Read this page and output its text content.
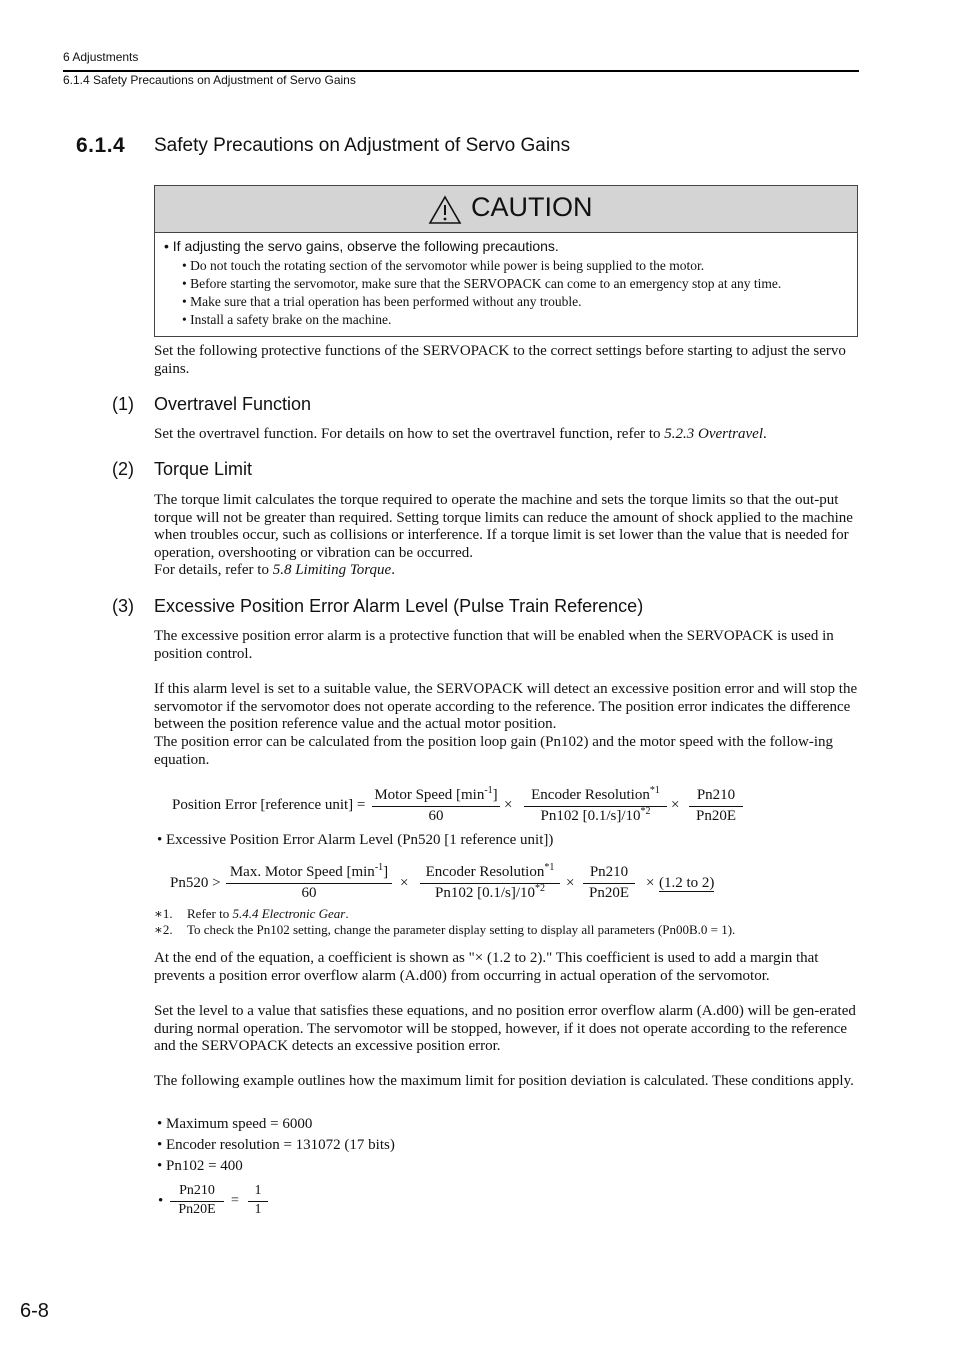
6 Adjustments
6.1.4 Safety Precautions on Adjustment of Servo Gains
6.1.4 Safety Precautions on Adjustment of Servo Gains
CAUTION
• If adjusting the servo gains, observe the following precautions.
• Do not touch the rotating section of the servomotor while power is being supplied to the motor.
• Before starting the servomotor, make sure that the SERVOPACK can come to an emergency stop at any time.
• Make sure that a trial operation has been performed without any trouble.
• Install a safety brake on the machine.
Set the following protective functions of the SERVOPACK to the correct settings before starting to adjust the servo gains.
(1) Overtravel Function
Set the overtravel function. For details on how to set the overtravel function, refer to 5.2.3 Overtravel.
(2) Torque Limit
The torque limit calculates the torque required to operate the machine and sets the torque limits so that the out-put torque will not be greater than required. Setting torque limits can reduce the amount of shock applied to the machine when troubles occur, such as collisions or interference. If a torque limit is set lower than the value that is needed for operation, overshooting or vibration can be occurred.
For details, refer to 5.8 Limiting Torque.
(3) Excessive Position Error Alarm Level (Pulse Train Reference)
The excessive position error alarm is a protective function that will be enabled when the SERVOPACK is used in position control.
If this alarm level is set to a suitable value, the SERVOPACK will detect an excessive position error and will stop the servomotor if the servomotor does not operate according to the reference. The position error indicates the difference between the position reference value and the actual motor position.
The position error can be calculated from the position loop gain (Pn102) and the motor speed with the follow-ing equation.
Position Error [reference unit] =
Motor Speed $[\min^{-1}]$
60
×
Encoder Resolution$^{*1}$
Pn102 $[0.1/s]/10^{*2}$	×
Pn210
Pn20E
• Excessive Position Error Alarm Level (Pn520 [1 reference unit])
Pn520 >
Max. Motor Speed $[\min^{-1}]$
60
×
Encoder Resolution$^{*1}$
Pn102 $[0.1/s]/10^{*2}$	×
Pn210
Pn20E
× (1.2 to 2)
∗1. Refer to 5.4.4 Electronic Gear.
∗2. To check the Pn102 setting, change the parameter display setting to display all parameters (Pn00B.0 = 1).
At the end of the equation, a coefficient is shown as "× (1.2 to 2)." This coefficient is used to add a margin that prevents a position error overflow alarm (A.d00) from occurring in actual operation of the servomotor.
Set the level to a value that satisfies these equations, and no position error overflow alarm (A.d00) will be gen-erated during normal operation. The servomotor will be stopped, however, if it does not operate according to the reference and the SERVOPACK detects an excessive position error.
The following example outlines how the maximum limit for position deviation is calculated. These conditions apply.
• Maximum speed = 6000
• Encoder resolution = 131072 (17 bits)
• Pn102 = 400
•
Pn210
Pn20E
=
1
1
6-8
